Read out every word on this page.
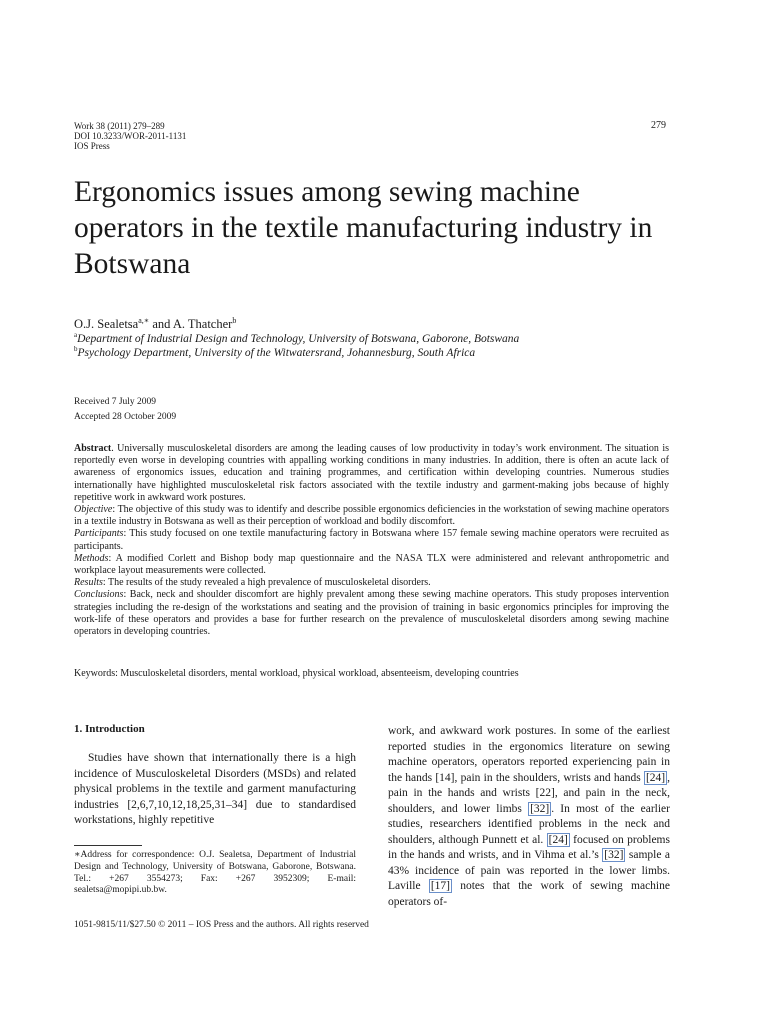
Work 38 (2011) 279–289
DOI 10.3233/WOR-2011-1131
IOS Press
279
Ergonomics issues among sewing machine operators in the textile manufacturing industry in Botswana
O.J. Sealetsa$^{a,∗}$ and A. Thatcher$^b$
$^a$Department of Industrial Design and Technology, University of Botswana, Gaborone, Botswana
$^b$Psychology Department, University of the Witwatersrand, Johannesburg, South Africa
Received 7 July 2009
Accepted 28 October 2009

Abstract. Universally musculoskeletal disorders are among the leading causes of low productivity in today’s work environment. The situation is reportedly even worse in developing countries with appalling working conditions in many industries. In addition, there is often an acute lack of awareness of ergonomics issues, education and training programmes, and certification within developing countries. Numerous studies internationally have highlighted musculoskeletal risk factors associated with the textile industry and garment-making jobs because of highly repetitive work in awkward work postures.

Objective: The objective of this study was to identify and describe possible ergonomics deficiencies in the workstation of sewing machine operators in a textile industry in Botswana as well as their perception of workload and bodily discomfort.

Participants: This study focused on one textile manufacturing factory in Botswana where 157 female sewing machine operators were recruited as participants.

Methods: A modified Corlett and Bishop body map questionnaire and the NASA TLX were administered and relevant anthropometric and workplace layout measurements were collected.

Results: The results of the study revealed a high prevalence of musculoskeletal disorders.

Conclusions: Back, neck and shoulder discomfort are highly prevalent among these sewing machine operators. This study proposes intervention strategies including the re-design of the workstations and seating and the provision of training in basic ergonomics principles for improving the work-life of these operators and provides a base for further research on the prevalence of musculoskeletal disorders among sewing machine operators in developing countries.

Keywords: Musculoskeletal disorders, mental workload, physical workload, absenteeism, developing countries
1. Introduction

Studies have shown that internationally there is a high incidence of Musculoskeletal Disorders (MSDs) and related physical problems in the textile and garment manufacturing industries [2,6,7,10,12,18,25,31–34] due to standardised workstations, highly repetitive

work, and awkward work postures. In some of the earliest reported studies in the ergonomics literature on sewing machine operators, operators reported experiencing pain in the hands [14], pain in the shoulders, wrists and hands [24] , pain in the hands and wrists [22], and pain in the neck, shoulders, and lower limbs [32] . In most of the earlier studies, researchers identified problems in the neck and shoulders, although Punnett et al. [24] focused on problems in the hands and wrists, and in Vihma et al.’s [32] sample a 43% incidence of pain was reported in the lower limbs. Laville [17] notes that the work of sewing machine operators of-

∗Address for correspondence: O.J. Sealetsa, Department of Industrial Design and Technology, University of Botswana, Gaborone, Botswana. Tel.: +267 3554273; Fax: +267 3952309; E-mail: sealetsa@mopipi.ub.bw.
1051-9815/11/$27.50 © 2011 – IOS Press and the authors. All rights reserved
